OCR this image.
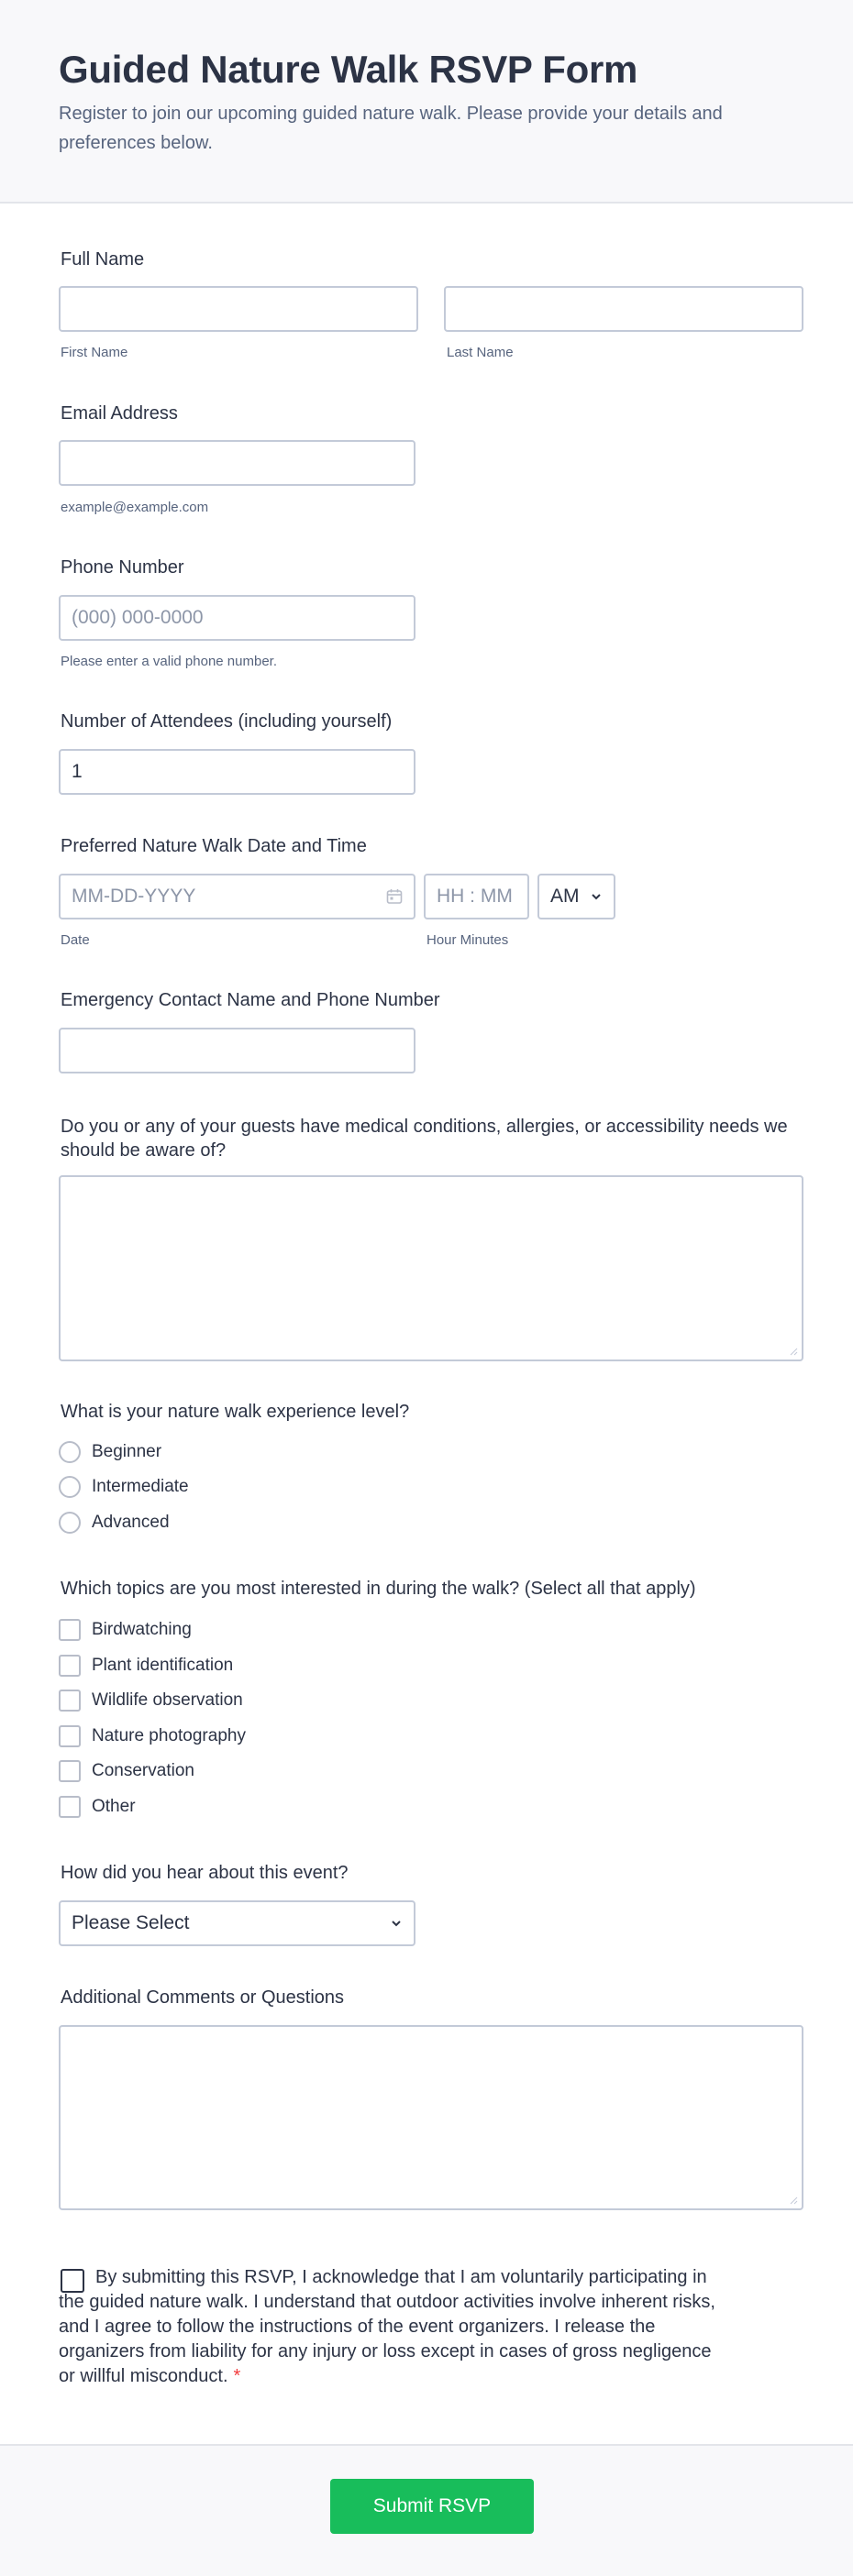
Guided Nature Walk RSVP Form
Register to join our upcoming guided nature walk. Please provide your details and preferences below.
Full Name
First Name	Last Name
Email Address
example@example.com
Phone Number
(000) 000-0000
Please enter a valid phone number.
Number of Attendees (including yourself)
1
Preferred Nature Walk Date and Time
MM-DD-YYYY	HH : MM	AM
Date	Hour Minutes
Emergency Contact Name and Phone Number
Do you or any of your guests have medical conditions, allergies, or accessibility needs we should be aware of?
What is your nature walk experience level?
Beginner
Intermediate
Advanced
Which topics are you most interested in during the walk? (Select all that apply)
Birdwatching
Plant identification
Wildlife observation
Nature photography
Conservation
Other
How did you hear about this event?
Please Select
Additional Comments or Questions
By submitting this RSVP, I acknowledge that I am voluntarily participating in the guided nature walk. I understand that outdoor activities involve inherent risks, and I agree to follow the instructions of the event organizers. I release the organizers from liability for any injury or loss except in cases of gross negligence or willful misconduct. *
Submit RSVP
